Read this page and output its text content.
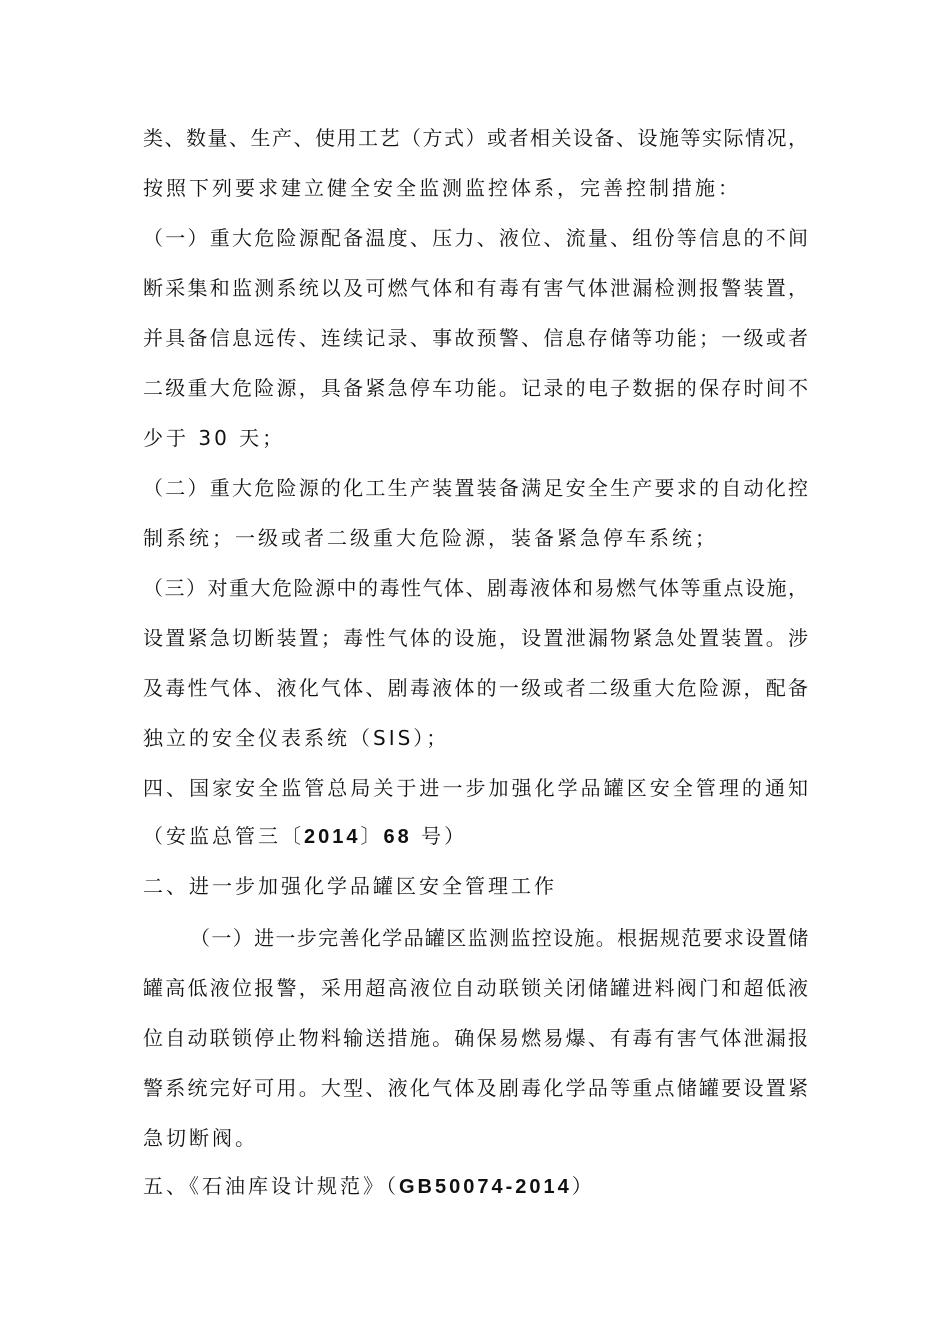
类、数量、生产、使用工艺（方式）或者相关设备、设施等实际情况，
按照下列要求建立健全安全监测监控体系，完善控制措施：
（一）重大危险源配备温度、压力、液位、流量、组份等信息的不间
断采集和监测系统以及可燃气体和有毒有害气体泄漏检测报警装置，
并具备信息远传、连续记录、事故预警、信息存储等功能；一级或者
二级重大危险源，具备紧急停车功能。记录的电子数据的保存时间不
少于 30 天；
（二）重大危险源的化工生产装置装备满足安全生产要求的自动化控
制系统；一级或者二级重大危险源，装备紧急停车系统；
（三）对重大危险源中的毒性气体、剧毒液体和易燃气体等重点设施，
设置紧急切断装置；毒性气体的设施，设置泄漏物紧急处置装置。涉
及毒性气体、液化气体、剧毒液体的一级或者二级重大危险源，配备
独立的安全仪表系统（SIS）；
四、国家安全监管总局关于进一步加强化学品罐区安全管理的通知
（安监总管三〔2014〕68 号）
二、进一步加强化学品罐区安全管理工作
（一）进一步完善化学品罐区监测监控设施。根据规范要求设置储
罐高低液位报警，采用超高液位自动联锁关闭储罐进料阀门和超低液
位自动联锁停止物料输送措施。确保易燃易爆、有毒有害气体泄漏报
警系统完好可用。大型、液化气体及剧毒化学品等重点储罐要设置紧
急切断阀。
五、《石油库设计规范》（GB50074-2014）
